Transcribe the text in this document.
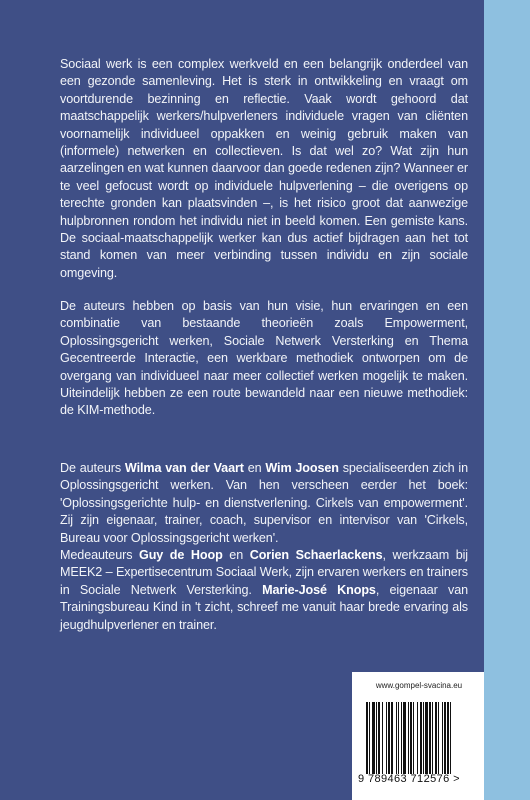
Sociaal werk is een complex werkveld en een belangrijk onderdeel van een gezonde samenleving. Het is sterk in ontwikkeling en vraagt om voortdurende bezinning en reflectie. Vaak wordt gehoord dat maatschappelijk werkers/hulpverleners individuele vragen van cliënten voornamelijk individueel oppakken en weinig gebruik maken van (informele) netwerken en collectieven. Is dat wel zo? Wat zijn hun aarzelingen en wat kunnen daarvoor dan goede redenen zijn? Wanneer er te veel gefocust wordt op individuele hulpverlening – die overigens op terechte gronden kan plaatsvinden –, is het risico groot dat aanwezige hulpbronnen rondom het individu niet in beeld komen. Een gemiste kans. De sociaal-maatschappelijk werker kan dus actief bijdragen aan het tot stand komen van meer verbinding tussen individu en zijn sociale omgeving.

De auteurs hebben op basis van hun visie, hun ervaringen en een combinatie van bestaande theorieën zoals Empowerment, Oplossingsgericht werken, Sociale Netwerk Versterking en Thema Gecentreerde Interactie, een werkbare methodiek ontworpen om de overgang van individueel naar meer collectief werken mogelijk te maken. Uiteindelijk hebben ze een route bewandeld naar een nieuwe methodiek: de KIM-methode.

De auteurs Wilma van der Vaart en Wim Joosen specialiseerden zich in Oplossingsgericht werken. Van hen verscheen eerder het boek: 'Oplossingsgerichte hulp- en dienstverlening. Cirkels van empowerment'. Zij zijn eigenaar, trainer, coach, supervisor en intervisor van 'Cirkels, Bureau voor Oplossingsgericht werken'.

Medeauteurs Guy de Hoop en Corien Schaerlackens, werkzaam bij MEEK2 – Expertisecentrum Sociaal Werk, zijn ervaren werkers en trainers in Sociale Netwerk Versterking. Marie-José Knops, eigenaar van Trainingsbureau Kind in 't zicht, schreef me vanuit haar brede ervaring als jeugdhulpverlener en trainer.

www.gompel-svacina.eu
9 789463 712576 >
